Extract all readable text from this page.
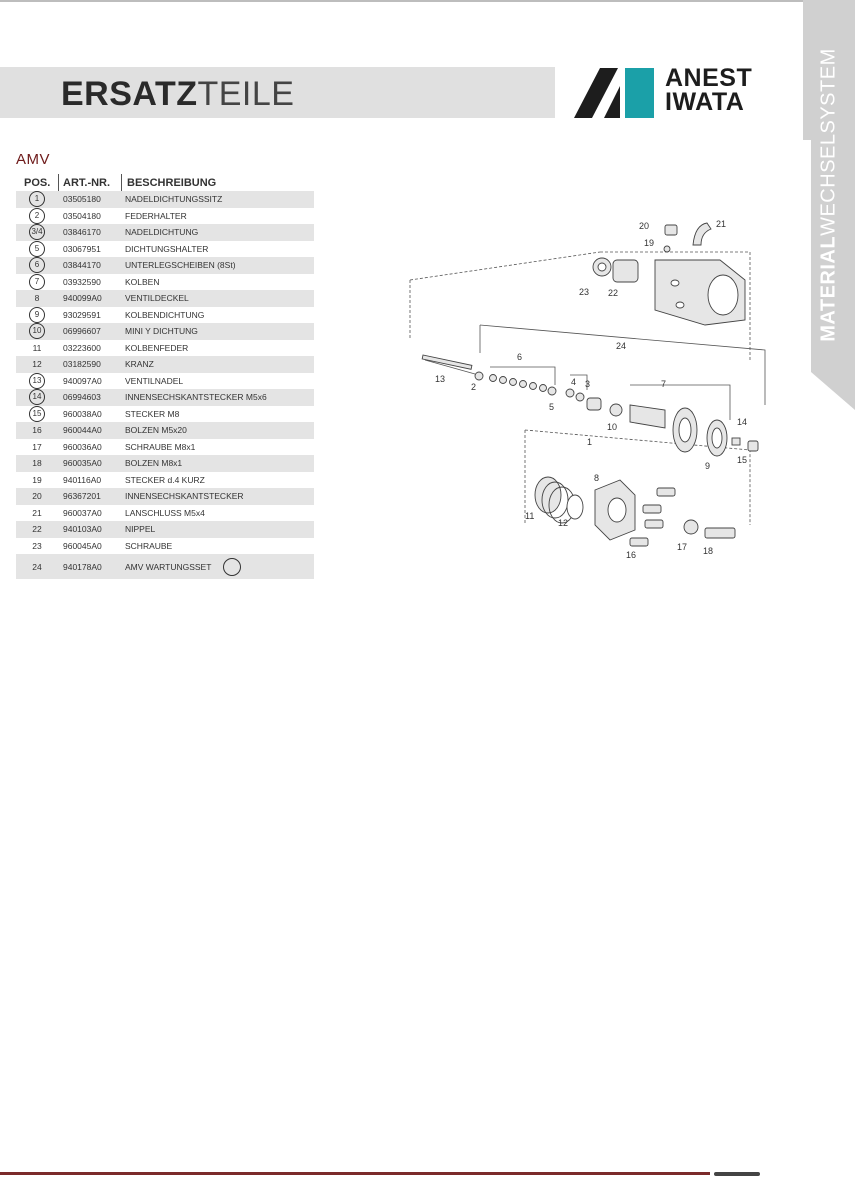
ERSATZTEILE	ANEST
IWATA
MATERIALWECHSELSYSTEM
AMV
POS. ART.-NR. BESCHREIBUNG
1	03505180	NADELDICHTUNGSSITZ
2	03504180	FEDERHALTER
3/4 03846170	NADELDICHTUNG
5	03067951	DICHTUNGSHALTER
6	03844170	UNTERLEGSCHEIBEN (8St)
7	03932590	KOLBEN
8	940099A0	VENTILDECKEL
9	93029591	KOLBENDICHTUNG
10	06996607	MINI Y DICHTUNG
11	03223600	KOLBENFEDER
12	03182590	KRANZ
13	940097A0	VENTILNADEL
14	06994603	INNENSECHSKANTSTECKER M5x6
15	960038A0	STECKER M8
16	960044A0	BOLZEN M5x20
17	960036A0	SCHRAUBE M8x1
18	960035A0	BOLZEN M8x1
19	940116A0	STECKER d.4 KURZ
20	96367201	INNENSECHSKANTSTECKER
21	960037A0	LANSCHLUSS M5x4
22	940103A0	NIPPEL
23	960045A0	SCHRAUBE
24	940178A0	AMV WARTUNGSSET
1
2	3
4
5
6
7
8
9
10
11
12
13
14
15
16
17 18
19
20	21
22
23
24
